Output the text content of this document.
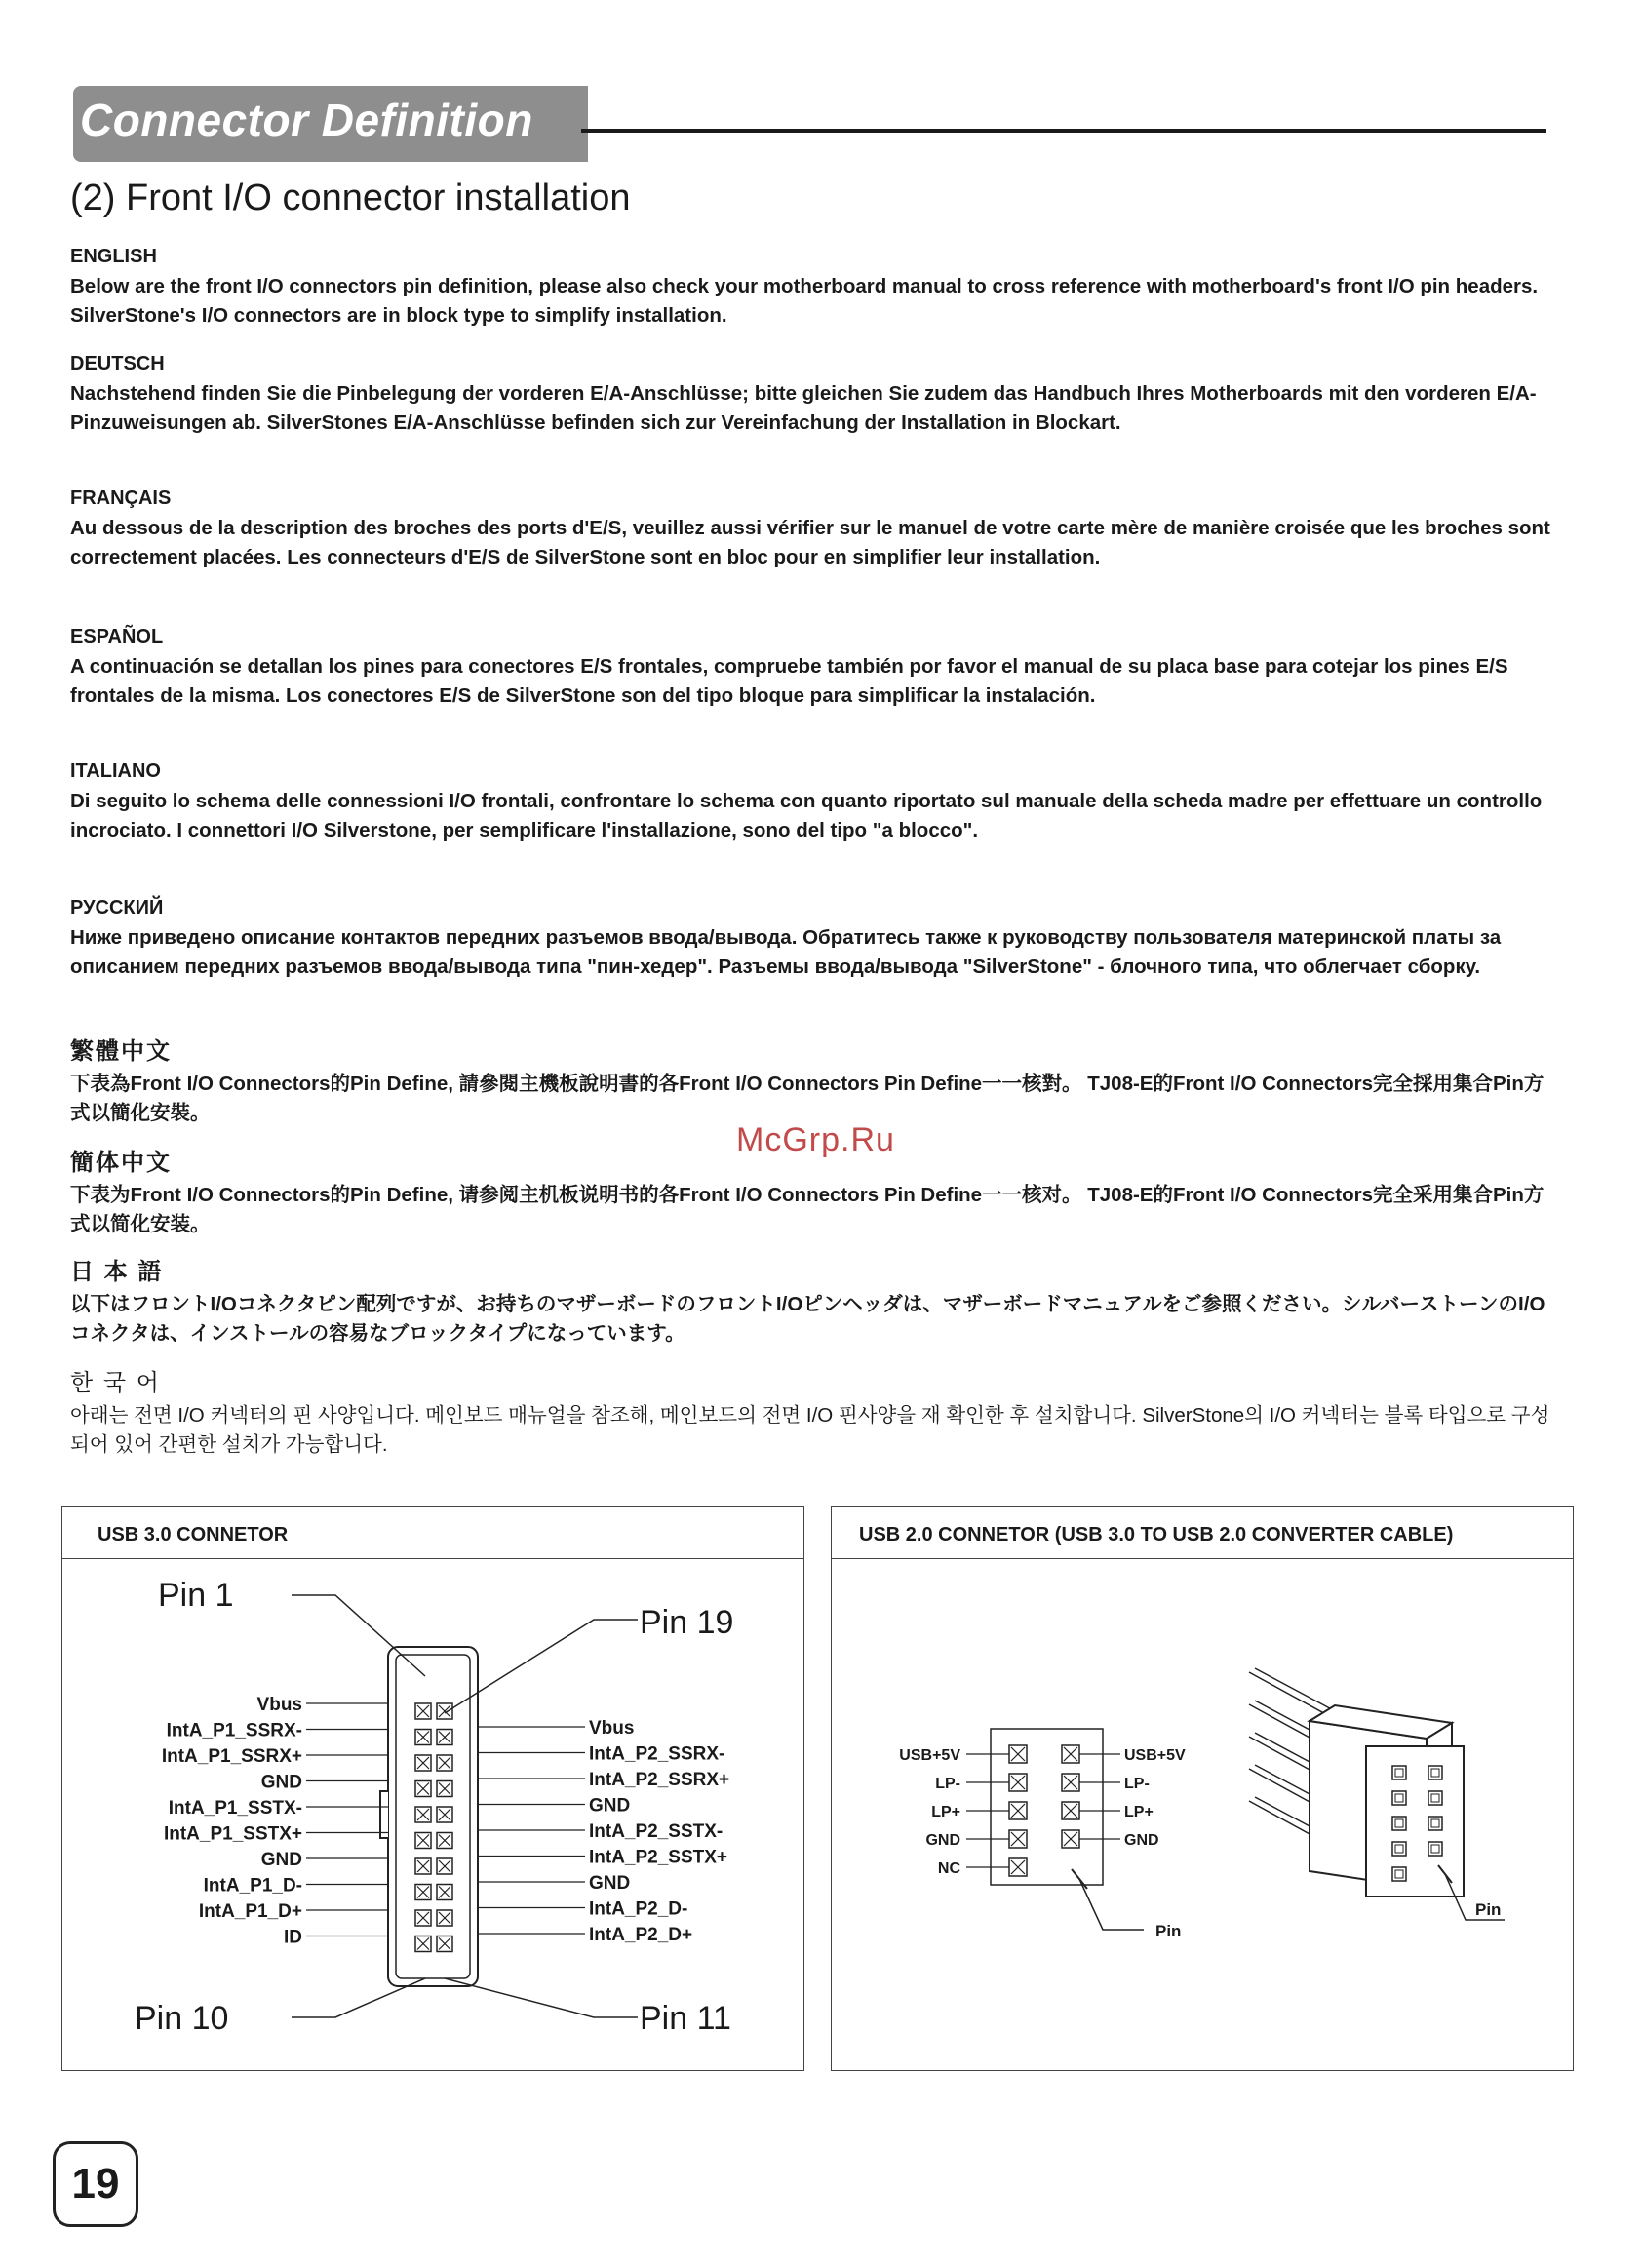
Connector Definition
(2) Front I/O connector installation
ENGLISH

Below are the front I/O connectors pin definition, please also check your motherboard manual to cross reference with motherboard's front I/O pin headers. SilverStone's I/O connectors are in block type to simplify installation.

DEUTSCH

Nachstehend finden Sie die Pinbelegung der vorderen E/A-Anschlüsse; bitte gleichen Sie zudem das Handbuch Ihres Motherboards mit den vorderen E/A-Pinzuweisungen ab. SilverStones E/A-Anschlüsse befinden sich zur Vereinfachung der Installation in Blockart.

FRANÇAIS

Au dessous de la description des broches des ports d'E/S, veuillez aussi vérifier sur le manuel de votre carte mère de manière croisée que les broches sont correctement placées. Les connecteurs d'E/S de SilverStone sont en bloc pour en simplifier leur installation.

ESPAÑOL

A continuación se detallan los pines para conectores E/S frontales, compruebe también por favor el manual de su placa base para cotejar los pines E/S frontales de la misma. Los conectores E/S de SilverStone son del tipo bloque para simplificar la instalación.

ITALIANO

Di seguito lo schema delle connessioni I/O frontali, confrontare lo schema con quanto riportato sul manuale della scheda madre per effettuare un controllo incrociato. I connettori I/O Silverstone, per semplificare l'installazione, sono del tipo "a blocco".

РУССКИЙ

Ниже приведено описание контактов передних разъемов ввода/вывода. Обратитесь также к руководству пользователя материнской платы за описанием передних разъемов ввода/вывода типа "пин-хедер". Разъемы ввода/вывода "SilverStone" - блочного типа, что облегчает сборку.

繁體中文

下表為Front I/O Connectors的Pin Define, 請參閱主機板說明書的各Front I/O Connectors Pin Define一一核對。 TJ08-E的Front I/O Connectors完全採用集合Pin方式以簡化安裝。

簡体中文

下表为Front I/O Connectors的Pin Define, 请参阅主机板说明书的各Front I/O Connectors Pin Define一一核对。 TJ08-E的Front I/O Connectors完全采用集合Pin方式以简化安装。

日 本 語

以下はフロントI/Oコネクタピン配列ですが、お持ちのマザーボードのフロントI/Oピンヘッダは、マザーボードマニュアルをご参照ください。シルバーストーンのI/Oコネクタは、インストールの容易なブロックタイプになっています。

한 국 어

아래는 전면 I/O 커넥터의 핀 사양입니다. 메인보드 매뉴얼을 참조해, 메인보드의 전면 I/O 핀사양을 재 확인한 후 설치합니다. SilverStone의 I/O 커넥터는 블록 타입으로 구성되어 있어 간편한 설치가 가능합니다.

McGrp.Ru
USB 3.0 CONNETOR
Pin 1
Pin 19
Pin 10	Pin 11
Vbus
IntA_P1_SSRX-
IntA_P1_SSRX+
GND
IntA_P1_SSTX-
IntA_P1_SSTX+
GND
IntA_P1_D-
IntA_P1_D+
ID
Vbus
IntA_P2_SSRX-
IntA_P2_SSRX+
GND
IntA_P2_SSTX-
IntA_P2_SSTX+
GND
IntA_P2_D-
IntA_P2_D+
USB 2.0 CONNETOR (USB 3.0 TO USB 2.0 CONVERTER CABLE)
USB+5V
LP-
LP+
GND
NC
USB+5V
LP-
LP+
GND
Pin
Pin
19
